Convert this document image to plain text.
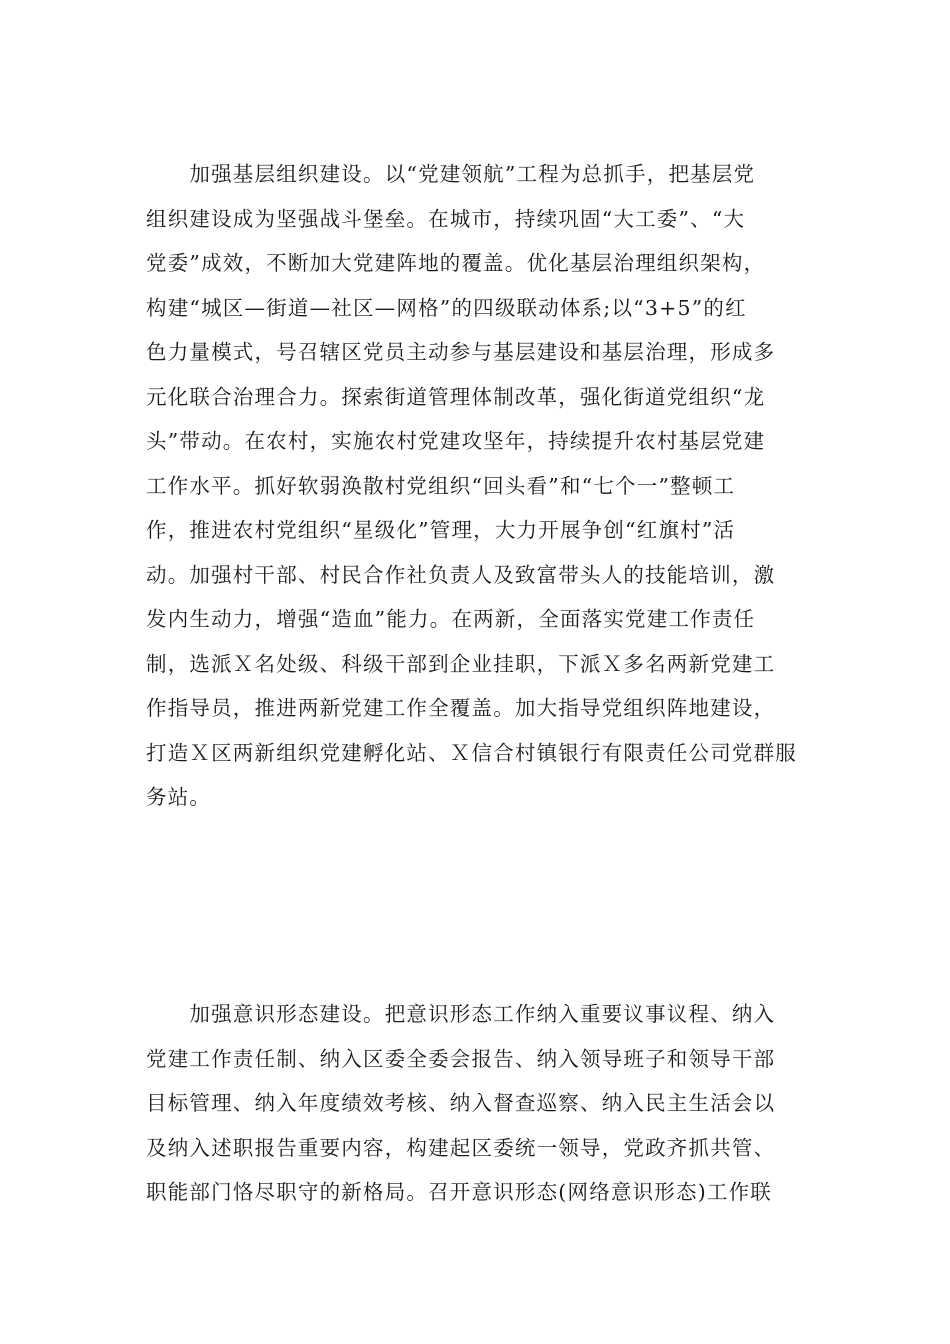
　　加强基层组织建设。以“党建领航”工程为总抓手，把基层党
组织建设成为坚强战斗堡垒。在城市，持续巩固“大工委”、“大
党委”成效，不断加大党建阵地的覆盖。优化基层治理组织架构，
构建“城区—街道—社区—网格”的四级联动体系;以“3+5”的红
色力量模式，号召辖区党员主动参与基层建设和基层治理，形成多
元化联合治理合力。探索街道管理体制改革，强化街道党组织“龙
头”带动。在农村，实施农村党建攻坚年，持续提升农村基层党建
工作水平。抓好软弱涣散村党组织“回头看”和“七个一”整顿工
作，推进农村党组织“星级化”管理，大力开展争创“红旗村”活
动。加强村干部、村民合作社负责人及致富带头人的技能培训，激
发内生动力，增强“造血”能力。在两新，全面落实党建工作责任
制，选派Ｘ名处级、科级干部到企业挂职，下派Ｘ多名两新党建工
作指导员，推进两新党建工作全覆盖。加大指导党组织阵地建设，
打造Ｘ区两新组织党建孵化站、Ｘ信合村镇银行有限责任公司党群服
务站。
　　加强意识形态建设。把意识形态工作纳入重要议事议程、纳入
党建工作责任制、纳入区委全委会报告、纳入领导班子和领导干部
目标管理、纳入年度绩效考核、纳入督查巡察、纳入民主生活会以
及纳入述职报告重要内容，构建起区委统一领导，党政齐抓共管、
职能部门恪尽职守的新格局。召开意识形态(网络意识形态)工作联
